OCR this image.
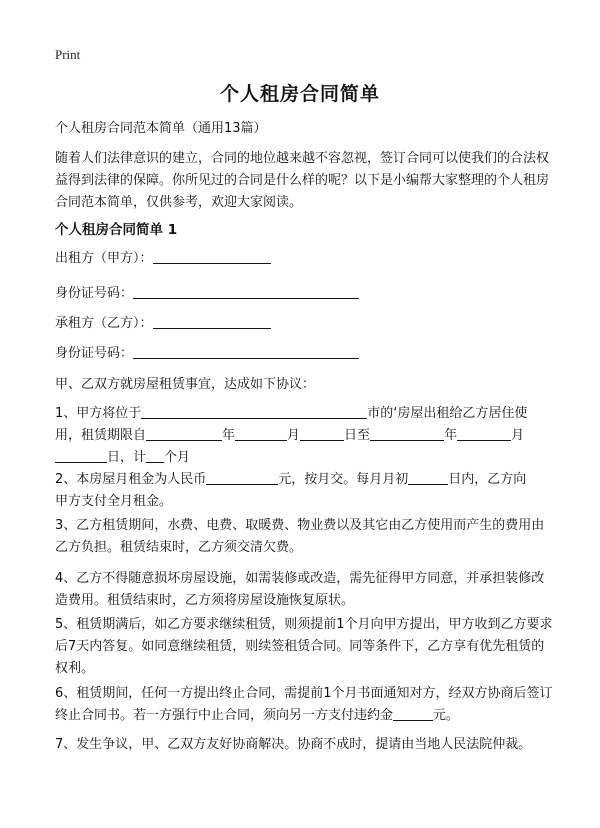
Print
个人租房合同简单
个人租房合同范本简单（通用13篇）
随着人们法律意识的建立，合同的地位越来越不容忽视，签订合同可以使我们的合法权益得到法律的保障。你所见过的合同是什么样的呢？以下是小编帮大家整理的个人租房合同范本简单，仅供参考，欢迎大家阅读。
个人租房合同简单 1
出租方（甲方）：
身份证号码：
承租方（乙方）：
身份证号码：
甲、乙双方就房屋租赁事宜，达成如下协议：
1、甲方将位于	市的‘房屋出租给乙方居住使
用，租赁期限自	年	月	日至	年	月
日，计 个月
2、本房屋月租金为人民币	元，按月交。每月月初	日内，乙方向
甲方支付全月租金。
3、乙方租赁期间，水费、电费、取暖费、物业费以及其它由乙方使用而产生的费用由乙方负担。租赁结束时，乙方须交清欠费。
4、乙方不得随意损坏房屋设施，如需装修或改造，需先征得甲方同意，并承担装修改造费用。租赁结束时，乙方须将房屋设施恢复原状。
5、租赁期满后，如乙方要求继续租赁，则须提前1个月向甲方提出，甲方收到乙方要求后7天内答复。如同意继续租赁，则续签租赁合同。同等条件下，乙方享有优先租赁的权利。
6、租赁期间，任何一方提出终止合同，需提前1个月书面通知对方，经双方协商后签订终止合同书。若一方强行中止合同，须向另一方支付违约金	元。
7、发生争议，甲、乙双方友好协商解决。协商不成时，提请由当地人民法院仲裁。
